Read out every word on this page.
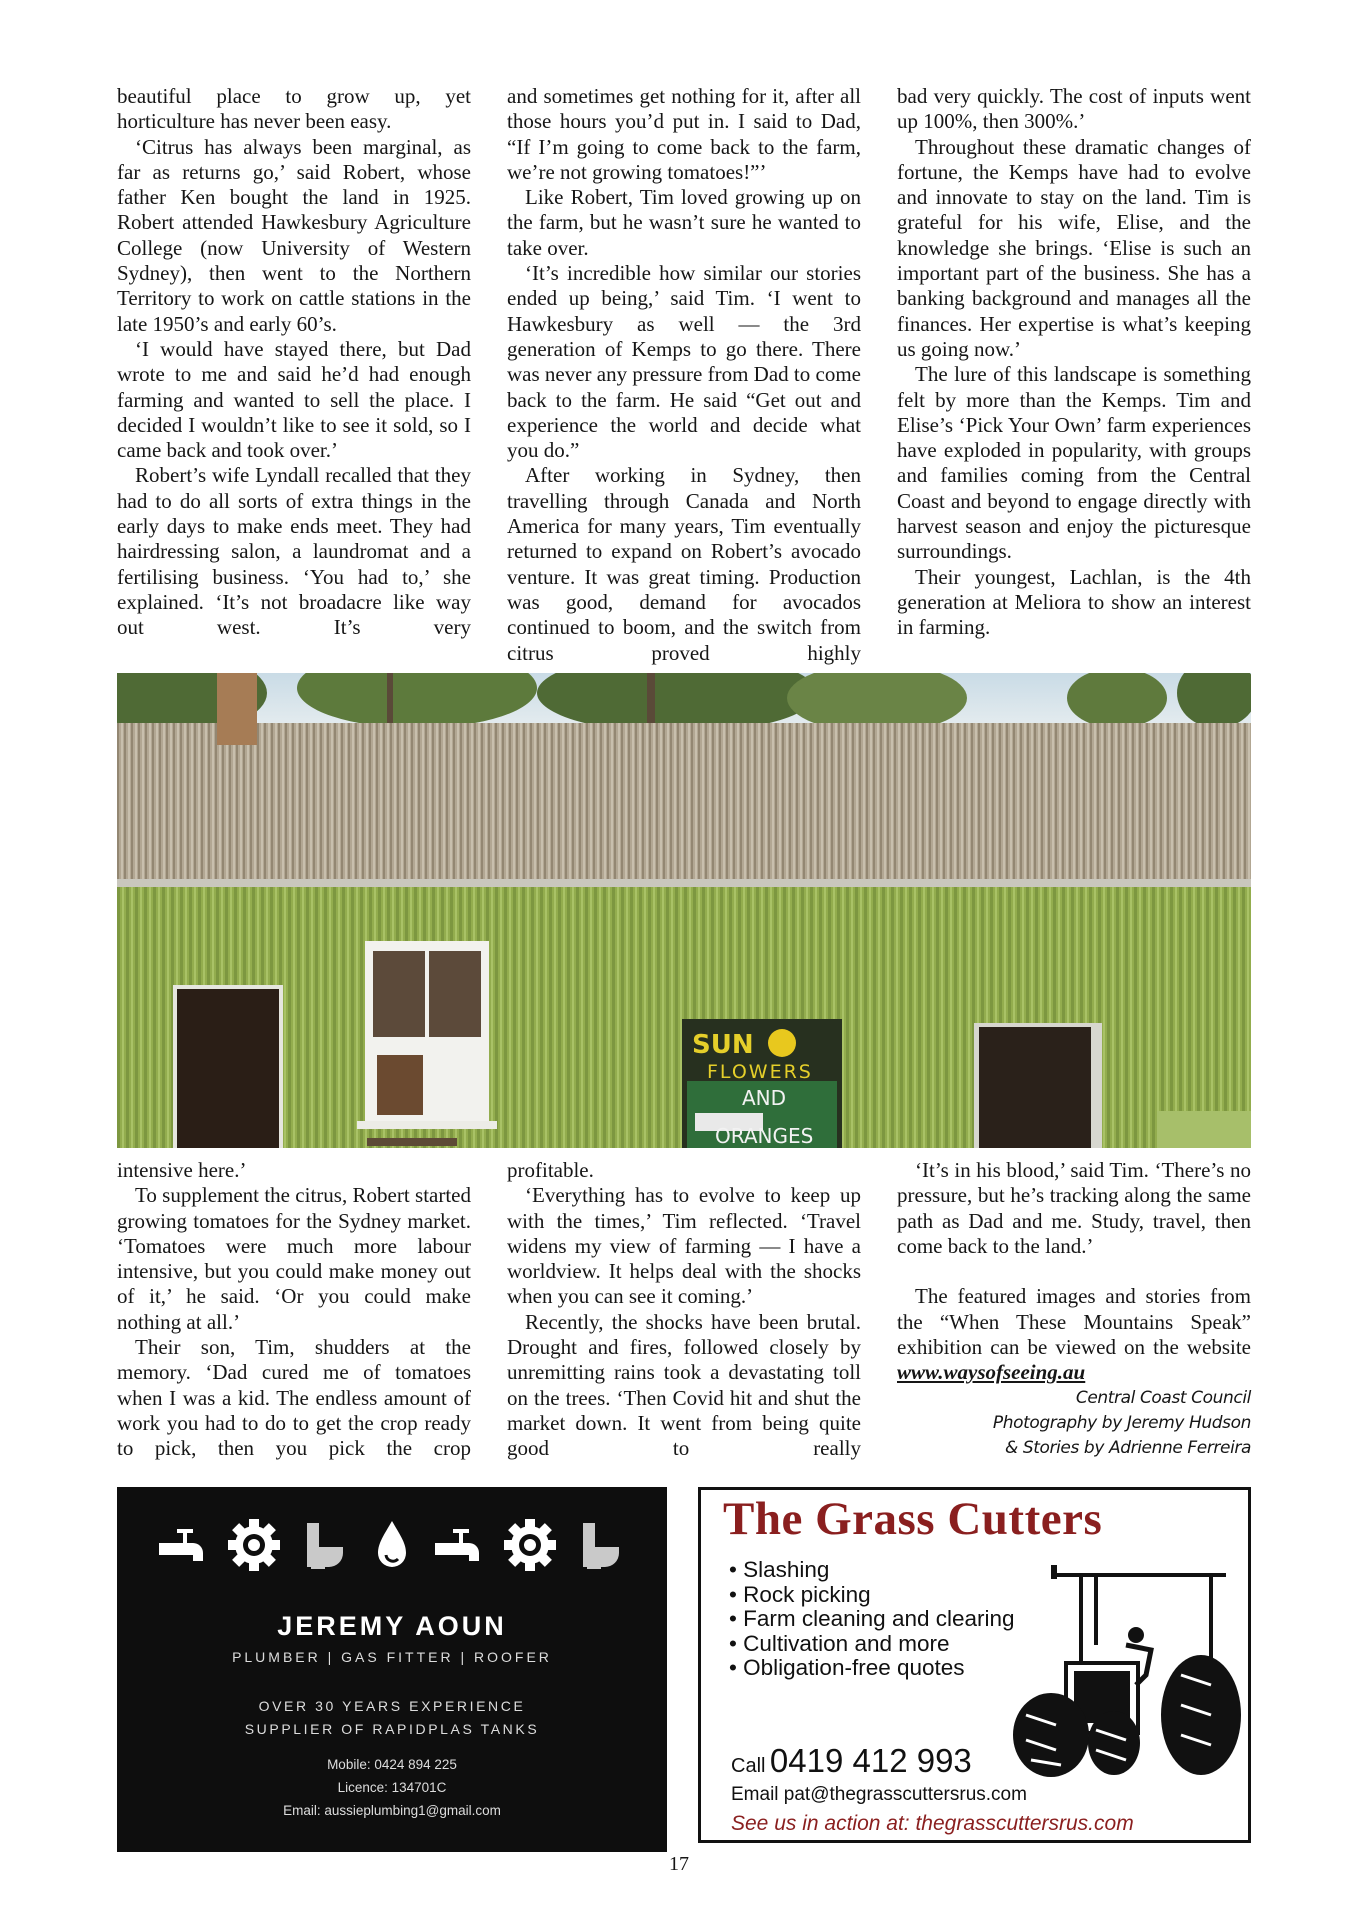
beautiful place to grow up, yet horticulture has never been easy.

‘Citrus has always been marginal, as far as returns go,’ said Robert, whose father Ken bought the land in 1925. Robert attended Hawkesbury Agriculture College (now University of Western Sydney), then went to the Northern Territory to work on cattle stations in the late 1950’s and early 60’s.

‘I would have stayed there, but Dad wrote to me and said he’d had enough farming and wanted to sell the place. I decided I wouldn’t like to see it sold, so I came back and took over.’

Robert’s wife Lyndall recalled that they had to do all sorts of extra things in the early days to make ends meet. They had hairdressing salon, a laundromat and a fertilising business. ‘You had to,’ she explained. ‘It’s not broadacre like way out west. It’s very

and sometimes get nothing for it, after all those hours you’d put in. I said to Dad, “If I’m going to come back to the farm, we’re not growing tomatoes!”’

Like Robert, Tim loved growing up on the farm, but he wasn’t sure he wanted to take over.

‘It’s incredible how similar our stories ended up being,’ said Tim. ‘I went to Hawkesbury as well — the 3rd generation of Kemps to go there. There was never any pressure from Dad to come back to the farm. He said “Get out and experience the world and decide what you do.”

After working in Sydney, then travelling through Canada and North America for many years, Tim eventually returned to expand on Robert’s avocado venture. It was great timing. Production was good, demand for avocados continued to boom, and the switch from citrus proved highly

bad very quickly. The cost of inputs went up 100%, then 300%.’

Throughout these dramatic changes of fortune, the Kemps have had to evolve and innovate to stay on the land. Tim is grateful for his wife, Elise, and the knowledge she brings. ‘Elise is such an important part of the business. She has a banking background and manages all the finances. Her expertise is what’s keeping us going now.’

The lure of this landscape is something felt by more than the Kemps. Tim and Elise’s ‘Pick Your Own’ farm experiences have exploded in popularity, with groups and families coming from the Central Coast and beyond to engage directly with harvest season and enjoy the picturesque surroundings.

Their youngest, Lachlan, is the 4th generation at Meliora to show an interest in farming.

SUN
FLOWERS
AND
ORANGES

intensive here.’

To supplement the citrus, Robert started growing tomatoes for the Sydney market. ‘Tomatoes were much more labour intensive, but you could make money out of it,’ he said. ‘Or you could make nothing at all.’

Their son, Tim, shudders at the memory. ‘Dad cured me of tomatoes when I was a kid. The endless amount of work you had to do to get the crop ready to pick, then you pick the crop

profitable.

‘Everything has to evolve to keep up with the times,’ Tim reflected. ‘Travel widens my view of farming — I have a worldview. It helps deal with the shocks when you can see it coming.’

Recently, the shocks have been brutal. Drought and fires, followed closely by unremitting rains took a devastating toll on the trees. ‘Then Covid hit and shut the market down. It went from being quite good to really

‘It’s in his blood,’ said Tim. ‘There’s no pressure, but he’s tracking along the same path as Dad and me. Study, travel, then come back to the land.’

The featured images and stories from the “When These Mountains Speak” exhibition can be viewed on the website www.waysofseeing.au

Central Coast Council

Photography by Jeremy Hudson

& Stories by Adrienne Ferreira

JEREMY AOUN
PLUMBER | GAS FITTER | ROOFER
OVER 30 YEARS EXPERIENCE
SUPPLIER OF RAPIDPLAS TANKS
Mobile: 0424 894 225
Licence: 134701C
Email: aussieplumbing1@gmail.com
The Grass Cutters
• Slashing
• Rock picking
• Farm cleaning and clearing
• Cultivation and more
• Obligation-free quotes
Call 0419 412 993
Email pat@thegrasscuttersrus.com
See us in action at: thegrasscuttersrus.com
17
